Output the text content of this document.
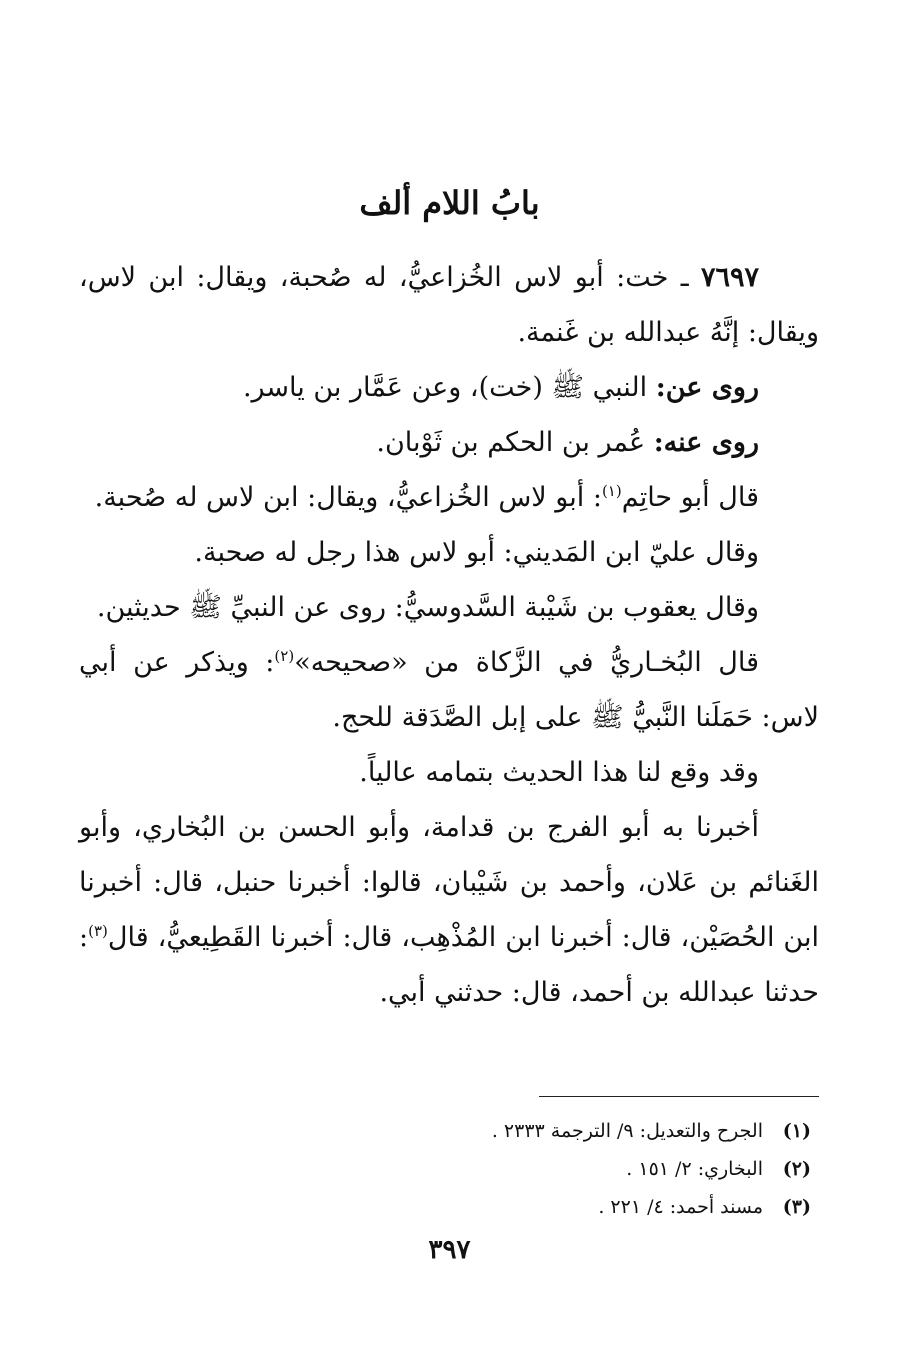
بابُ اللام ألف

٧٦٩٧ ـ خت: أبو لاس الخُزاعيُّ، له صُحبة، ويقال: ابن لاس، ويقال: إنَّهُ عبدالله بن غَنمة.

روى عن: النبي ﷺ (خت)، وعن عَمَّار بن ياسر.

روى عنه: عُمر بن الحكم بن ثَوْبان.

قال أبو حاتِم$^{(١)}$: أبو لاس الخُزاعيُّ، ويقال: ابن لاس له صُحبة.

وقال عليّ ابن المَديني: أبو لاس هذا رجل له صحبة.

وقال يعقوب بن شَيْبة السَّدوسيُّ: روى عن النبيِّ ﷺ حديثين.

قال البُخـاريُّ في الزَّكاة من «صحيحه»$^{(٢)}$: ويذكر عن أبي لاس: حَمَلَنا النَّبيُّ ﷺ على إبل الصَّدَقة للحج.

وقد وقع لنا هذا الحديث بتمامه عالياً.

أخبرنا به أبو الفرج بن قدامة، وأبو الحسن بن البُخاري، وأبو الغَنائم بن عَلان، وأحمد بن شَيْبان، قالوا: أخبرنا حنبل، قال: أخبرنا ابن الحُصَيْن، قال: أخبرنا ابن المُذْهِب، قال: أخبرنا القَطِيعيُّ، قال$^{(٣)}$: حدثنا عبدالله بن أحمد، قال: حدثني أبي.

(١)الجرح والتعديل: ٩/ الترجمة ٢٣٣٣ .
(٢)البخاري: ٢/ ١٥١ .
(٣)مسند أحمد: ٤/ ٢٢١ .
٣٩٧
